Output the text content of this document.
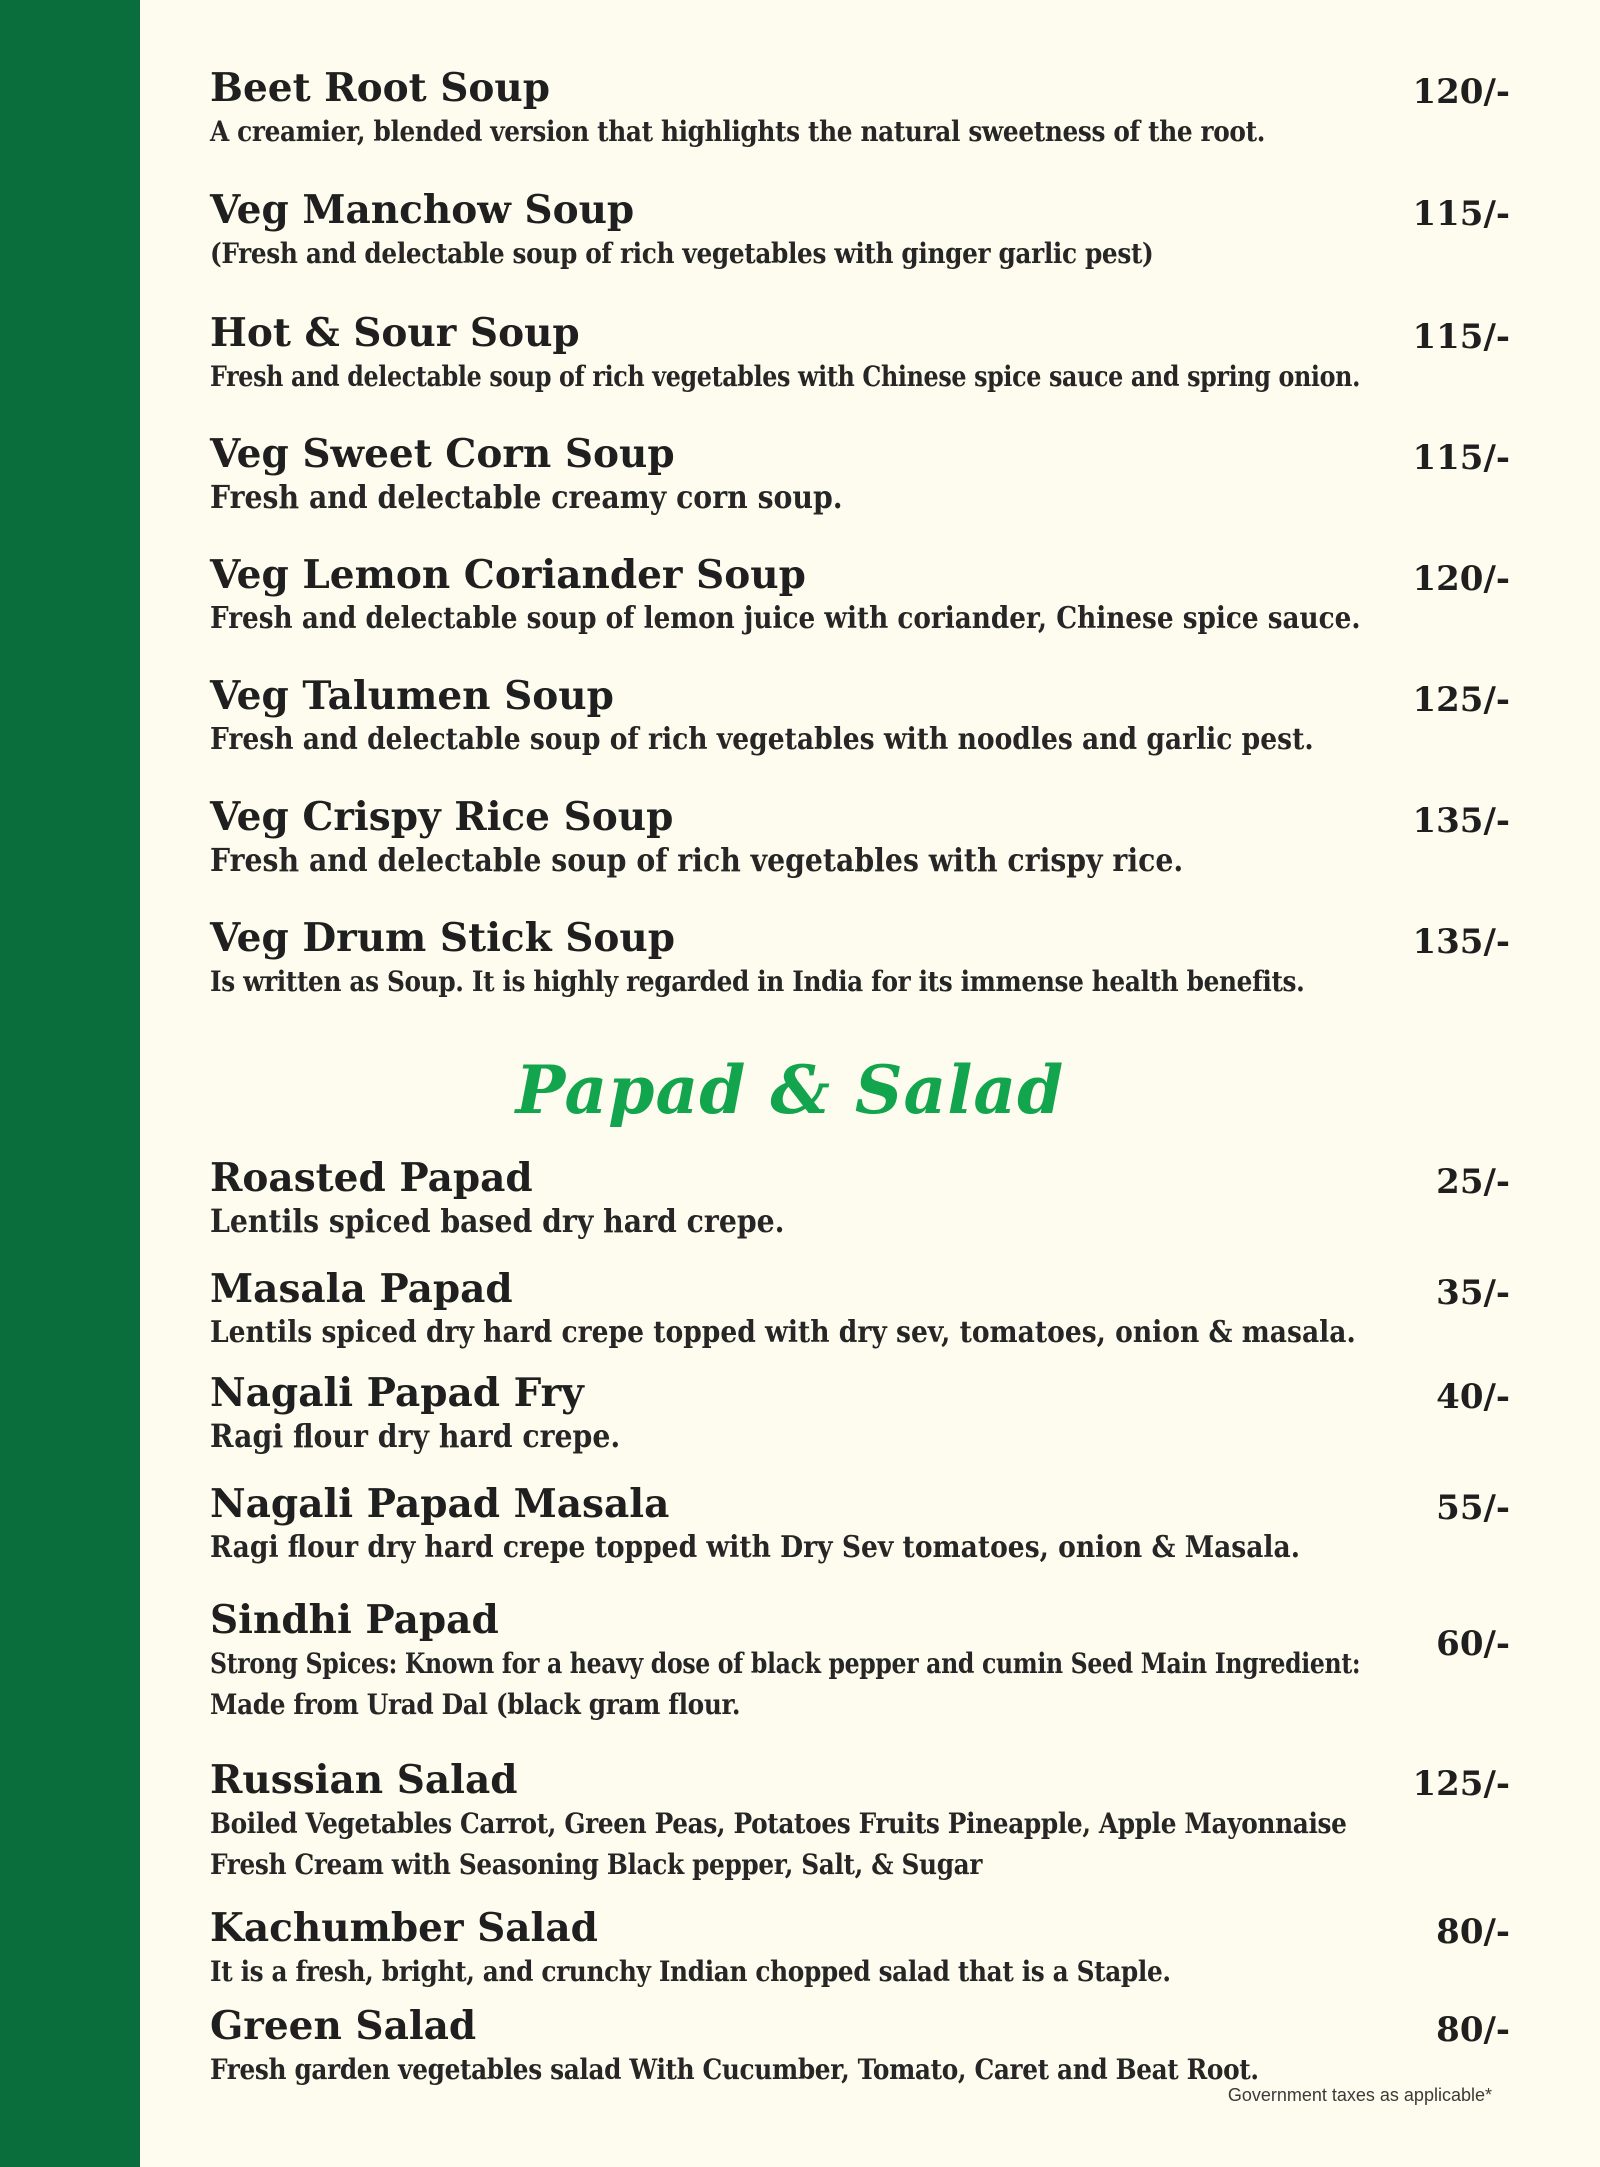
Beet Root Soup
A creamier, blended version that highlights the natural sweetness of the root.
120/-
Veg Manchow Soup
(Fresh and delectable soup of rich vegetables with ginger garlic pest)
115/-
Hot & Sour Soup
Fresh and delectable soup of rich vegetables with Chinese spice sauce and spring onion.
115/-
Veg Sweet Corn Soup
Fresh and delectable creamy corn soup.
115/-
Veg Lemon Coriander Soup
Fresh and delectable soup of lemon juice with coriander, Chinese spice sauce.
120/-
Veg Talumen Soup
Fresh and delectable soup of rich vegetables with noodles and garlic pest.
125/-
Veg Crispy Rice Soup
Fresh and delectable soup of rich vegetables with crispy rice.
135/-
Veg Drum Stick Soup
Is written as Soup. It is highly regarded in India for its immense health benefits.
135/-
Papad & Salad
Roasted Papad
Lentils spiced based dry hard crepe.
25/-
Masala Papad
Lentils spiced dry hard crepe topped with dry sev, tomatoes, onion & masala.
35/-
Nagali Papad Fry
Ragi flour dry hard crepe.
40/-
Nagali Papad Masala
Ragi flour dry hard crepe topped with Dry Sev tomatoes, onion & Masala.
55/-
Sindhi Papad
Strong Spices: Known for a heavy dose of black pepper and cumin Seed Main Ingredient:
Made from Urad Dal (black gram flour.
60/-
Russian Salad
Boiled Vegetables Carrot, Green Peas, Potatoes Fruits Pineapple, Apple Mayonnaise
Fresh Cream with Seasoning Black pepper, Salt, & Sugar
125/-
Kachumber Salad
It is a fresh, bright, and crunchy Indian chopped salad that is a Staple.
80/-
Green Salad
Fresh garden vegetables salad With Cucumber, Tomato, Caret and Beat Root.
80/-
Government taxes as applicable*
